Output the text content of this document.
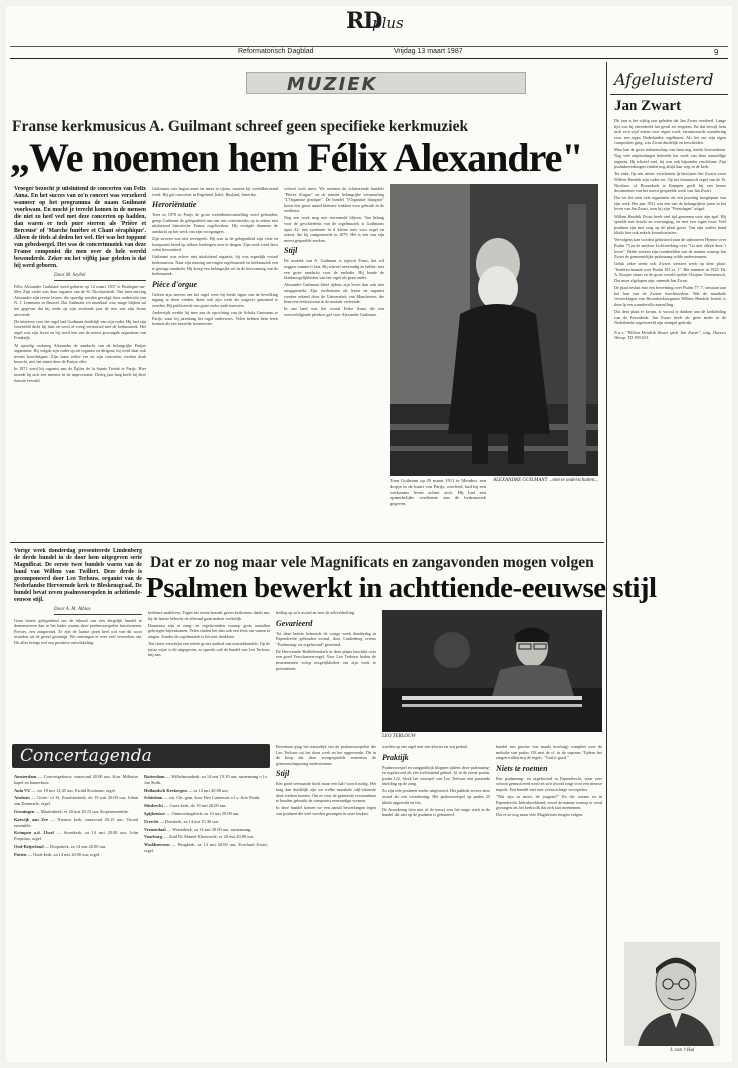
RD
plus
Reformatorisch Dagblad	Vrijdag 13 maart 1987	9
MUZIEK
Franse kerkmusicus A. Guilmant schreef geen specifieke kerkmuziek
„We noemen hem Félix Alexandre"
Vroeger bezocht je uitsluitend de concerten van Felix Anna. En het succes van zo'n concert was verzekerd wanneer op het programma de naam Guilmant voorkwam. En mocht je terecht komen in de mensen die niet zo heel veel met deze concerten op hadden, dan waren er toch pure sterren als 'Prière et Berceuse' of 'Marche funèbre et Chant séraphique'. Alleen de titels al deden het wel. Het was het toppunt van gebedsorgel. Het was de concertmuziek van deze Franse componist die men over de hele wereld bewonderde. Zeker nu het vijftig jaar geleden is dat hij werd geboren.
Door M. Seybel

Félix Alexandre Guilmant werd geboren op 12 maart 1837 te Boulogne-sur-Mer. Zijn vader was daar organist van de St. Nicolaaskerk. Van hem ontving Alexandre zijn eerste lessen; die spoedig werden gevolgd door onderricht van N. J. Lemmens in Brussel. Dat Guilmant z'n muzikaal was, moge blijken uit het gegeven dat hij reeds op zijn zestiende jaar de mis van zijn leraar uitvoerde.

De interesse voor het orgel had Guilmant duidelijk van zijn vader. Hij had zijn voorbeeld dicht bij huis en werd al vroeg vertrouwd met de kerkmuziek. Het orgel was zijn leven en hij werd een van de meest gevraagde organisten van Frankrijk.

Al spoedig verkreeg Alexandre de aandacht van de belangrijke Parijse organisten. Hij volgde zijn vader op als organist en dirigent; hij werd daar ook tevens koordirigent. Zijn faam reikte ver en zijn concerten werden druk bezocht, niet het minst door de Parijse elite.

In 1871 werd hij organist aan de Église de la Sainte Trinité te Parijs. Hier toonde hij zich een meester in de improvisatie. Dertig jaar lang heeft hij deze functie vervuld.

Guilmants ster begon meer en meer te rijzen, waarna hij wereldberoemd werd. Hij gaf concerten in Engeland, Italië, Rusland, Amerika.

Heroriëntatie

Toen in 1870 in Parijs de grote wereldtentoonstelling werd gehouden, greep Guilmant de gelegenheid aan om een concertreeks op te zetten met uitsluitend historische Franse orgelwerken. Hij vestigde daarmee de aandacht op het werk van zijn voorgangers.

Zijn streven was niet tevergeefs. Hij was in de gelegenheid zijn visie en komponist breed op talloze leerlingen over te dragen. Zijn werk werd door velen bewonderd.

Guilmant was echter niet uitsluitend organist; hij was eigenlijk vooral kerkmusicus. Naar zijn mening ontvingen orgelmuziek en kerkmuziek een te geringe aandacht. Hij kreeg een belangrijke rol in de hervorming van de kerkmuziek.

Pièce d'orgue

Geleen zijn streven om het orgel weer bij brede lagen van de bevolking ingang te doen vinden, dient ook zijn werk als uitgever genoemd te worden. Hij publiceerde een grote reeks oude meesters.

Anderzijds werkte hij mee aan de oprichting van de Schola Cantorum te Parijs, waar hij jarenlang het orgel onderwees. Velen hebben hem leren kennen als een bezielde leermeester.

schreef toch meer. We noemen de schitterende bundels "Pièces d'orgue" en de minder belangrijke verzameling "L'Organiste pratique". De bundel "l'Organiste liturgiste" bevat een groot aantal kleinere stukken voor gebruik in de eredienst.

Nog een werk mag niet onvermeld blijven. Van belang voor de geschiedenis van de orgelmuziek is Guilmants opus 42: een symfonie in d kleine terts voor orgel en orkest, die hij componeerde in 1879. Het is een van zijn meest gespeelde werken.

Stijl

De muziek van A. Guilmant is typisch Frans, dat wil zeggen comme il faut. Hij schreef eenvoudig en helder, met een grote aandacht voor de melodie. Hij kende de klankmogelijkheden van het orgel als geen ander.

Alexandre Guilmant bleef tijdens zijn leven dan ook niet onopgemerkt. Zijn verdiensten als leraar en organist werden erkend door de Universiteit van Manchester, die hem een eredoctoraat in de muziek verleende.

In ons land was het vooral Feike Asma die een overweldigende pleidooi gaf voor Alexandre Guilmant.

ALEXANDRE GUILMANT ...niet te onderschatten...
Toen Guilmant op 29 maart 1911 te Meudon, een dorpje in de buurt van Parijs, overleed, had hij een werkzaam leven achter zich. Hij had een opmerkelijke verdienste aan de kerkmuziek gegeven.
Vorige week donderdag presenteerde Lindenberg de derde bundel in de door hem uitgegeven serie Magnificat. De eerste twee bundels waren van de hand van Willem van Twillert. Deze derde is gecomponeerd door Leo Terlouw, organist van de Nederlandse Hervormde kerk te Bleskensgraaf. De bundel bevat zeven psalmvoorspelen in achttiende-eeuwse stijl.
Door A. M. Albias

Geen betere gelegenheid om de inhoud van een dergelijk bundel te demonstreren dan in het kader waarin deze psalmvoorspelen functioneren. Precies, een zangavond. Er zijn de laatste jaren heel wat van dit soort avonden uit de grond gestampt. We ontvangen er zeer veel verzoeken om. Dit alles brengt wel een positieve ontwikkeling.

Dat er zo nog maar vele Magnificats en zangavonden mogen volgen
Psalmen bewerkt in achttiende-eeuwse stijl

kerkbare zaakleven. Tegen het eerste bezoek gaven kerkvaren, dankt ma, bij de laatste bebocht de allerand gaan maken werkelijk.

Daarnaast zijn er zang- en orgelavonden waarop grote aantallen gelovigen bijeenkomen. Velen vinden het dan ook een feest om samen te zingen. Zonder de orgelmuziek is het niet denkbaar.

Ten slotte verschijnt een steeds groter aanbod van muziekbundels. Op de juiste wijze is dit uitgegeven, zo spreekt ook de bundel van Leo Terlouw mij aan.

bedlag op zo'n avond en zeet de zelfverheffing.

Gevarieerd

Tot deze laatste behoorde de vorige week donderdag in Papendrecht gehouden avond, door Lindenberg tevens "Psalmzang- en orgelavond" genoemd.

De Hervormde Bethlehemkerk in deze plaats beschikt over een goed Verschueren-orgel. Voor Leo Terlouw boden de instrumenten volop mogelijkheden om zijn werk te presenteren.

LEO TERLOUW

Bovenaan ging het natuurlijk om de psalmvoorspelen die Leo Terlouw uit het doen werk en het opgevoerde. Dit in de hoop dat deze voorgespeelde sententies de gemeenschapszang ondersteunen.

Stijl

Een goed vermaarde horft maar een half woord nodig. Het mag dan duidelijk zijn uit welke muzikale stijl-odomste deze werken komen. Om ze voor de gemeente verstaanbaar te houden gebruikt de componist eenvoudige vormen.

In deze bundel komen we een aantal bewerkingen tegen van psalmen die veel worden gezongen in onze kerken.

worden op een orgel met een klavier en vrij pedaal.

Praktijk

Psalmvoorspel en zangpraktijk kloppen tijdens deze psalmzang- en orgelavond als een welsluitend geheel. Al in de eerste psalm, psalm 122, bleek het voorspel van Leo Terlouw een passende inleiding op de zang.

Zo zijn vele psalmen verder uitgevoerd. Het publiek ervoer deze avond als een verademing. Het psalmvoorspel op psalm 25 klinkt opgewekt en fris.

De Avondzang (trio met of de tenor) was het enige werk in de bundel dat niet op de psalmen is gebaseerd.

bundel een grootse fort maakt krachtig) compleet over de melodie van psalm 138 met de cf. in de sopraan. Tijdens het zingen trollen mij de regels: "God is goed."

Niets te roemen

Een psalmzang- en orgelavond in Papendrecht, waar zeer schoon gemusiceerd werd en zo'n avond zorgt voor een nieuwe impuls. Een bundel met zeer evenwichtige voorspelen.

"Wat zijn ze mooi, hè jongens?" En die warme en in Papendrecht. Indrukwekkend, zowel de manier waarop er werd gezongen als het kerkvolk dat zich laat meenemen.

Dat er zo nog maar vele Magnificats mogen volgen.

Concertagenda

Amsterdam — Concertgebouw, vanavond 20.00 uur, Kon. Militaire kapel en kamerkoor.

Aula VU — wo 18 mrt 12.45 uur, Ewald Kooiman, orgel.

Arnhem — Grote- of St. Eusebiuskerk, do 19 mrt 20.00 uur, Johan van Dommele, orgel.

Groningen — Martinikerk, vr 20 mrt 20.15 uur, Koperensemble.

Katwijk aan Zee — Nieuwe kerk, vanavond 20.15 uur, Vocaal ensemble.

Krimpen a.d. IJssel — Sionskerk, za 14 mrt 20.00 uur, John Propitius, orgel.

Oud-Beijerland — Dorpskerk, za 14 mrt 20.00 uur.

Putten — Oude kerk, za 14 mrt 20.00 uur, orgel.

Rotterdam — Wilhelminakerk, za 14 mrt 19.30 uur, samenzang o.l.v. Jan Stolk.

Hollandsch Kerkorgen — za 14 mrt 20.00 uur.

Schiedam — zat. Chr. gem. koor Deo Cantemus o.l.v. Arie Prenk.

Sliedrecht — Grote kerk, do 19 mrt 20.00 uur.

Spijkenisse — Ontmoetingskerk, za 14 mrt 20.00 uur.

Utrecht — Domkerk, za 14 mrt 15.30 uur.

Veenendaal — Westerkerk, za 14 mrt 20.00 uur, samenzang.

Voorburg — Zuid Ds Mantel Kleewerde, vr 20 mrt 20.00 uur.

Waddinxveen — Brugkerk, za 14 mrt 20.00 uur, Everhard Zwart, orgel.

Afgeluisterd
Jan Zwart

Dit jaar is het vijftig jaar geleden dat Jan Zwart overleed. Lange tijd was hij onverdeeld het geval en vergeten. En dat terwijl hem toch zo'n wijd zetten voor eigen rood, verantwoorde waardering voor een eigen Nederlandse orgelkunst. Als het om zijn eigen composities ging, was Zwart duidelijk en bescheiden.

Men kan de grote nalatenschap van hem nog steeds bewonderen. Nog vele ontplooiingen beleefde het werk van deze aanstellige organist. Hij schreef veel, hij was ook bijzonder vruchtbaar. Zijn psalmbewerkingen vinden nog altijd hun weg in de kerk.

Ter zake. Op een nieuw verschenen lp bewijzen Jan Zwarts zoon Willem Hendrik zijn vader eer. Op het fantastisch orgel van de St. Nicolaas- of Bovenkerk te Kampen geeft hij een keuze documentair van het meest gespeelde werk van Jan Zwart.

Dat tot slot zien vele organisten als een prachtig hoogtepunt van zijn werk. Het jaar 1931 was een van de belangrijkste jaren in het leven van Jan Zwart, toen hij zijn "Feestdagen" uitgaf.

Willem Hendrik Zwart heeft veel tijd genomen voor zijn spel. Hij speelde met kracht en overtuiging, en met een eigen toon. Veel psalmen zijn met zorg op de plaat gezet. Van zijn vaders hand klinkt hier ook enkele koraalvariaties.

Vervolgens kan worden geluisterd naar de opbouwen Hymne over Psalm 75 en de zetterse Lichtwerking over "Ga niet alleen door 't leven". Beide werken zijn toonbeelden van de manier waarop Jan Zwart de gemeentelijke psalmzang wilde ondersteunen.

Geluk zeker stemt ook Zwarts stertiert werk op deze plaat: "Sonbreu maarze over Psalm 103 vs. 1". Het nummer in 1925. Dr. A. Kooper stuurt en de grote wereld spelde Chopins Treurmarsch. Dat moet afgelopen zijn, meende Jan Zwart.

De plaat besluit met een bewerking over Psalm 77: 7, ontstaan aan het hart van de Zwarts burchtwerken. Wat de muzikale verwerkingen van Bovenkerksorganist Willem Hendrik betreft is deze lp een waardevolle aanvulling.

Dat deze plaat er kwam, is vooral te danken aan de kerkleiding van de Bovenkerk. Jan Zwart heeft als geen ander in de Nederlandse orgelwereld zijn stempel gedrukt.

N.a.v. "Willem Hendrik Zwart spelt Jan Zwart", uitg. Dureco Weesp, TD 199.013.
J. van 't Hul
